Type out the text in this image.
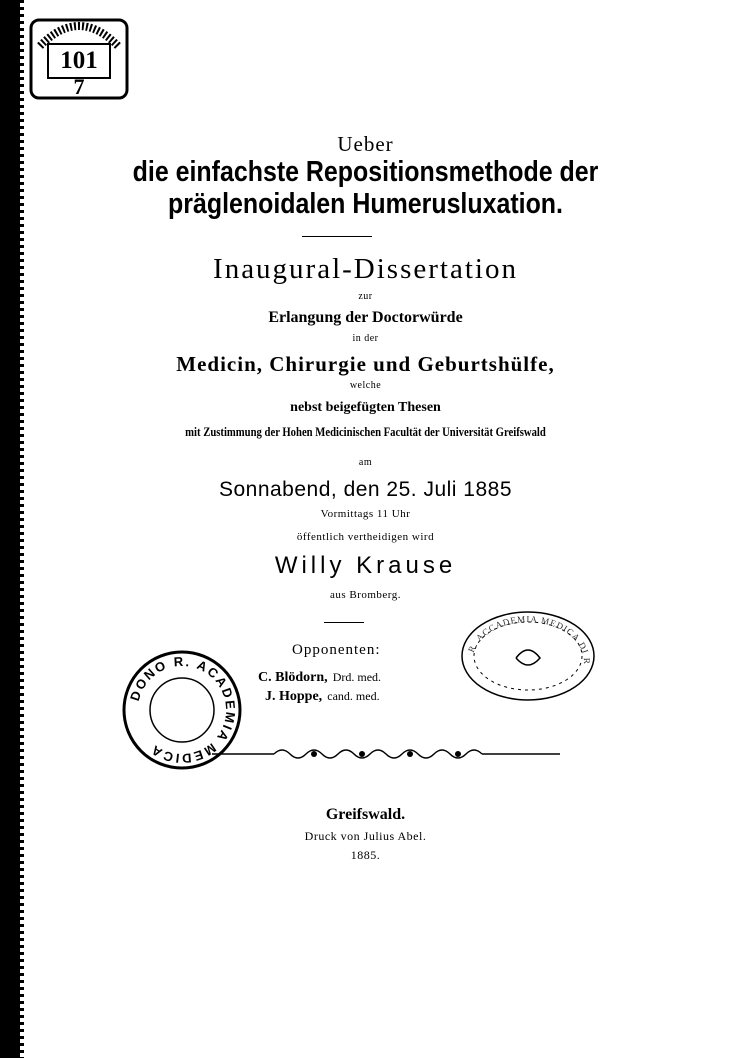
101
7
Ueber
die einfachste Repositionsmethode der
präglenoidalen Humerusluxation.
Inaugural-Dissertation
zur
Erlangung der Doctorwürde
in der
Medicin, Chirurgie und Geburtshülfe,
welche
nebst beigefügten Thesen
mit Zustimmung der Hohen Medicinischen Facultät der Universität Greifswald
am
Sonnabend, den 25. Juli 1885
Vormittags 11 Uhr
öffentlich vertheidigen wird
Willy Krause
aus Bromberg.
Opponenten:
C. Blödorn, Drd. med.
J. Hoppe, cand. med.
DONO R. ACADEMIA MEDICA
R. ACCADEMIA MEDICA DI R
Greifswald.
Druck von Julius Abel.
1885.
